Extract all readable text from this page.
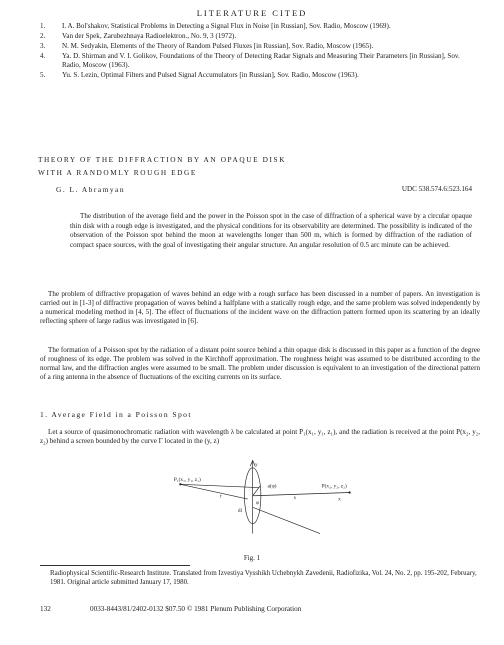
LITERATURE CITED
1. I. A. Bol'shakov, Statistical Problems in Detecting a Signal Flux in Noise [in Russian], Sov. Radio, Moscow (1969).
2. Van der Spek, Zarubezhnaya Radioelektron., No. 9, 3 (1972).
3. N. M. Sedyakin, Elements of the Theory of Random Pulsed Fluxes [in Russian], Sov. Radio, Moscow (1965).
4. Ya. D. Shirman and V. I. Golikov, Foundations of the Theory of Detecting Radar Signals and Measuring Their Parameters [in Russian], Sov. Radio, Moscow (1963).
5. Yu. S. Lezin, Optimal Filters and Pulsed Signal Accumulators [in Russian], Sov. Radio, Moscow (1963).
THEORY OF THE DIFFRACTION BY AN OPAQUE DISK
WITH A RANDOMLY ROUGH EDGE
G. L. Abramyan	UDC 538.574.6:523.164

The distribution of the average field and the power in the Poisson spot in the case of diffraction of a spherical wave by a circular opaque thin disk with a rough edge is investigated, and the physical conditions for its observability are determined. The possibility is indicated of the observation of the Poisson spot behind the moon at wavelengths longer than 500 m, which is formed by diffraction of the radiation of compact space sources, with the goal of investigating their angular structure. An angular resolution of 0.5 arc minute can be achieved.

The problem of diffractive propagation of waves behind an edge with a rough surface has been discussed in a number of papers. An investigation is carried out in [1-3] of diffractive propagation of waves behind a halfplane with a statically rough edge, and the same problem was solved independently by a numerical modeling method in [4, 5]. The effect of fluctuations of the incident wave on the diffraction pattern formed upon its scattering by an ideally reflecting sphere of large radius was investigated in [6].

The formation of a Poisson spot by the radiation of a distant point source behind a thin opaque disk is discussed in this paper as a function of the degree of roughness of its edge. The problem was solved in the Kirchhoff approximation. The roughness height was assumed to be distributed according to the normal law, and the diffraction angles were assumed to be small. The problem under discussion is equivalent to an investigation of the directional pattern of a ring antenna in the absence of fluctuations of the exciting currents on its surface.

1. Average Field in a Poisson Spot

Let a source of quasimonochromatic radiation with wavelength λ be calculated at point P₁(x₁, y₁, z₁), and the radiation is received at the point P(x₂, y₂, z₂) behind a screen bounded by the curve Γ located in the (y, z)

P₁(x₁, y₁, z₁)
P(x₂, y₂, z₂)
y
x
φ
a(φ)
r	s
dl
Fig. 1

Radiophysical Scientific-Research Institute. Translated from Izvestiya Vysshikh Uchebnykh Zavedenii, Radiofizika, Vol. 24, No. 2, pp. 195-202, February, 1981. Original article submitted January 17, 1980.

132	0033-8443/81/2402-0132 $07.50 © 1981 Plenum Publishing Corporation
